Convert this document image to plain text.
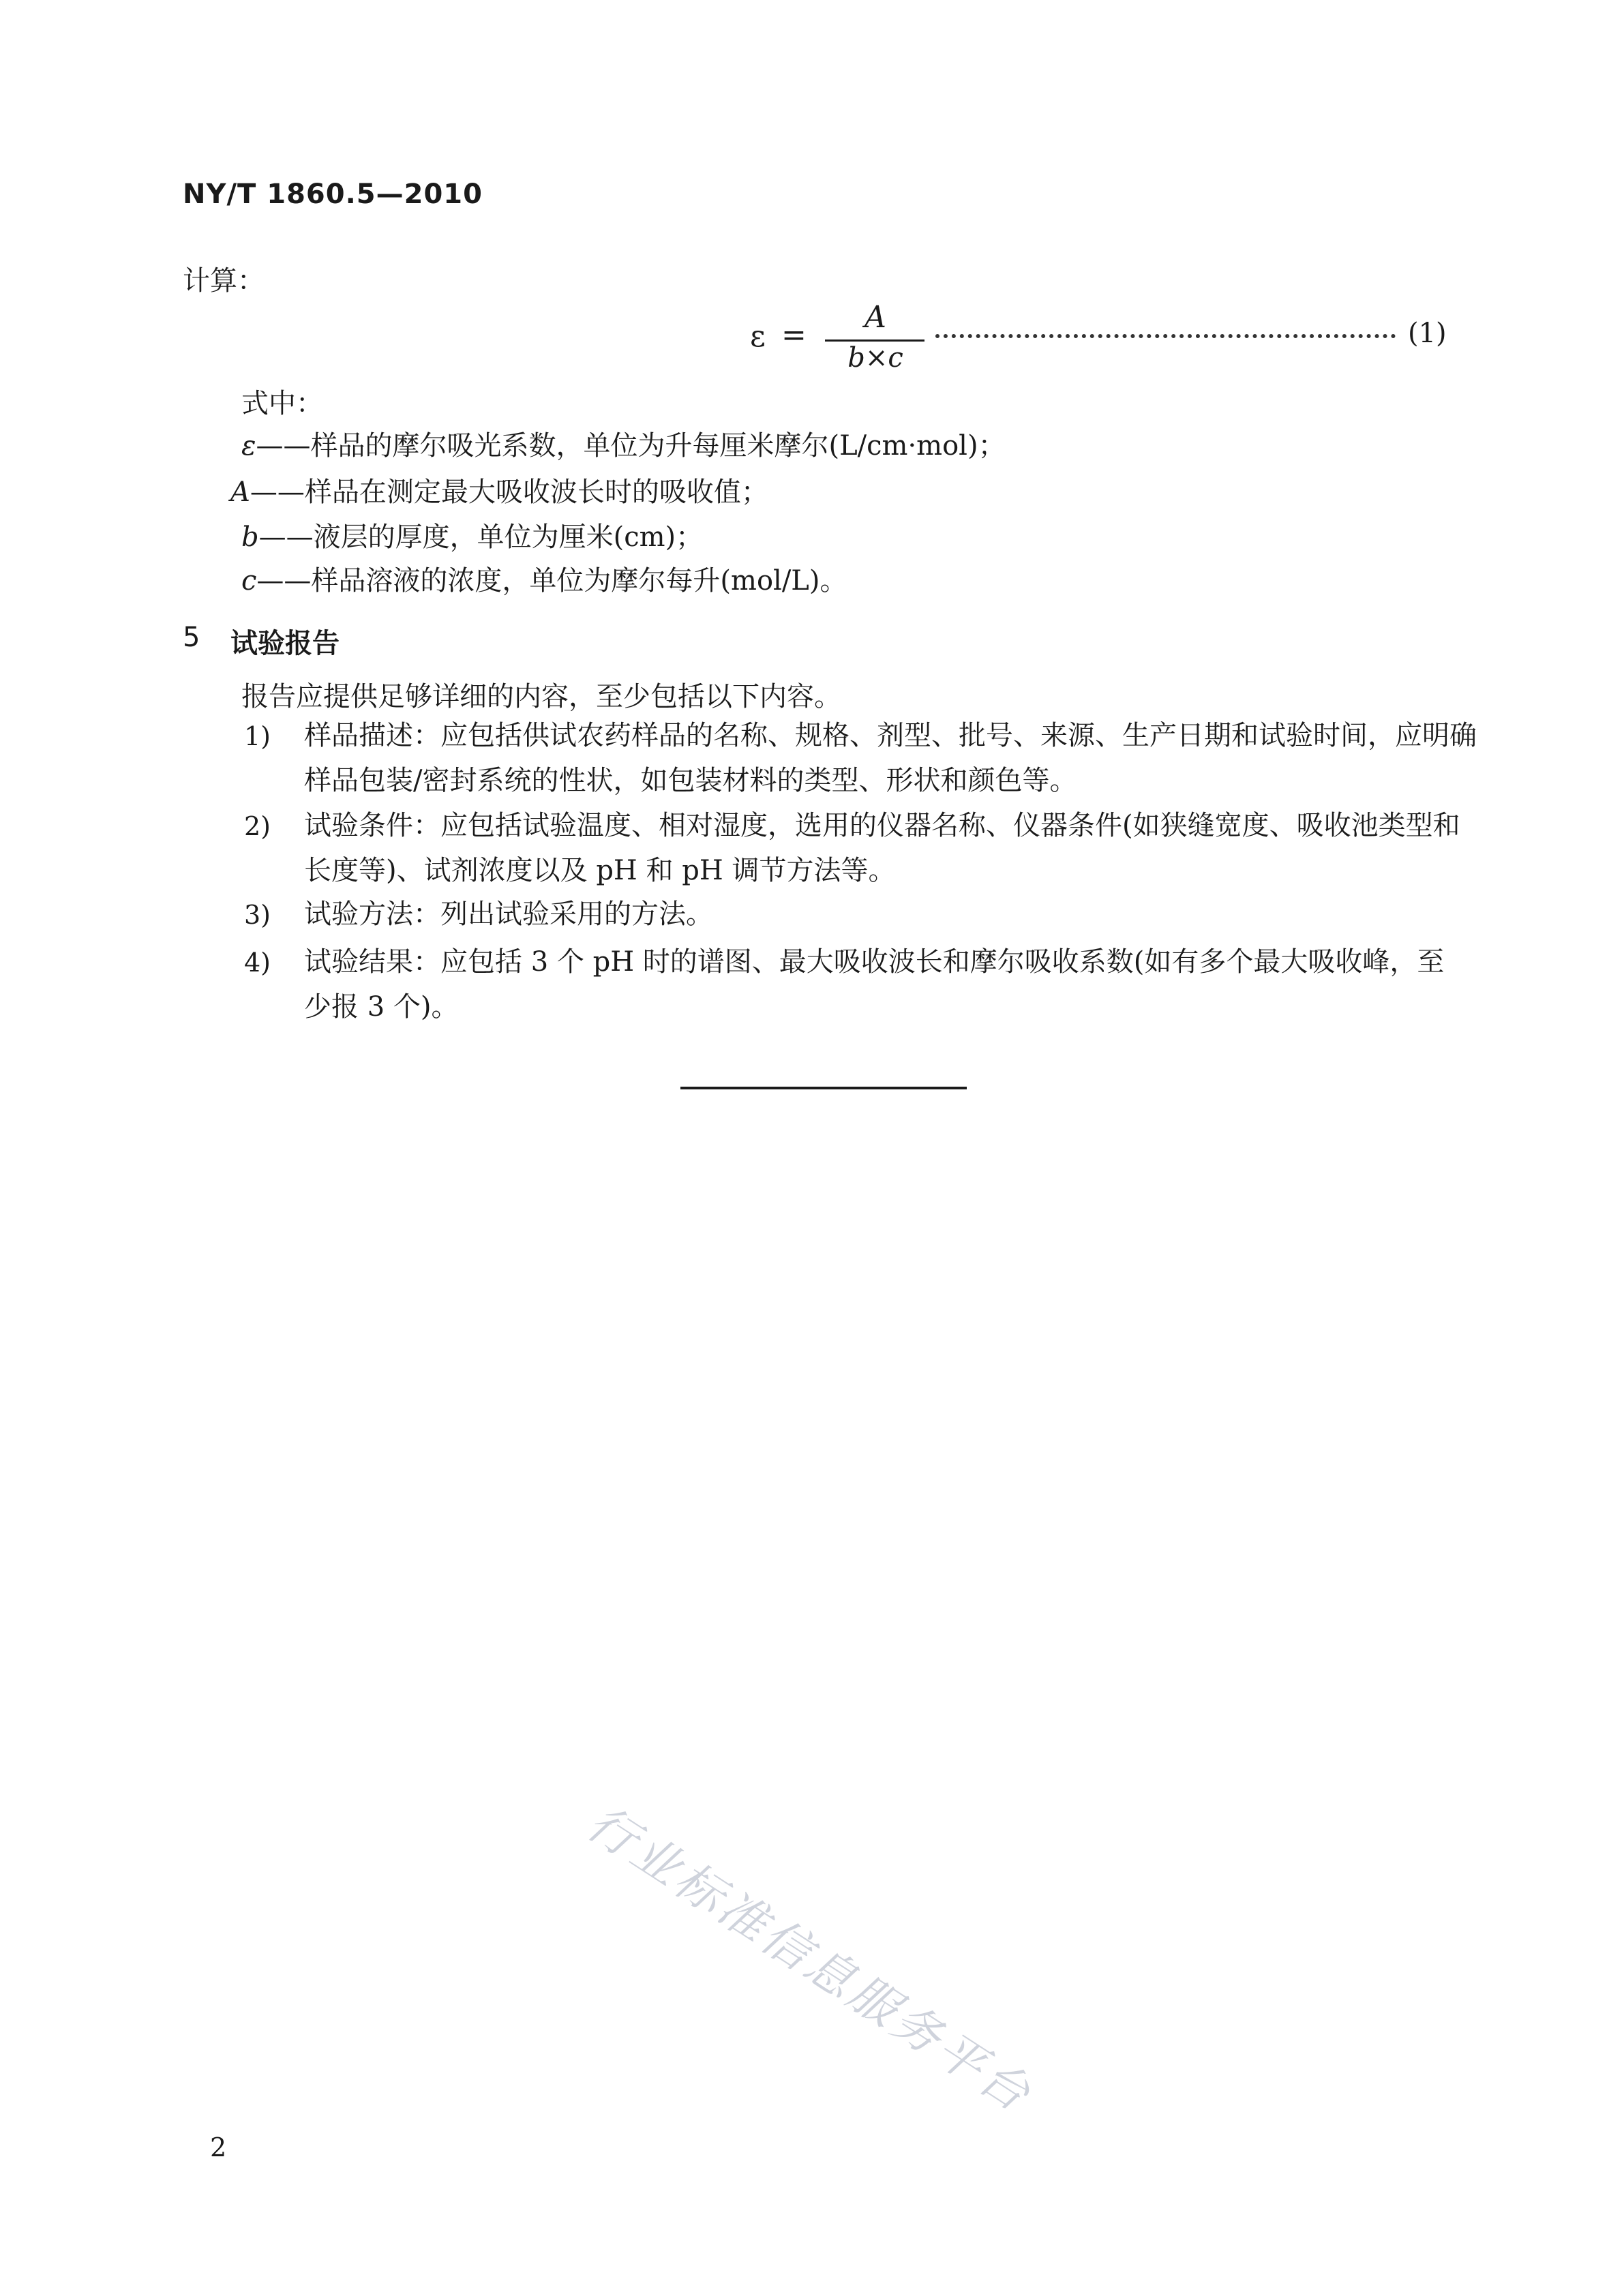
NY/T 1860.5—2010
计算：
ε =
A
b×c
(1)
式中：
ε——样品的摩尔吸光系数，单位为升每厘米摩尔(L/cm·mol)；
A——样品在测定最大吸收波长时的吸收值；
b——液层的厚度，单位为厘米(cm)；
c——样品溶液的浓度，单位为摩尔每升(mol/L)。
5 试验报告
报告应提供足够详细的内容，至少包括以下内容。
1) 样品描述：应包括供试农药样品的名称、规格、剂型、批号、来源、生产日期和试验时间，应明确
样品包装/密封系统的性状，如包装材料的类型、形状和颜色等。
2) 试验条件：应包括试验温度、相对湿度，选用的仪器名称、仪器条件(如狭缝宽度、吸收池类型和
长度等)、试剂浓度以及 pH 和 pH 调节方法等。
3) 试验方法：列出试验采用的方法。
4) 试验结果：应包括 3 个 pH 时的谱图、最大吸收波长和摩尔吸收系数(如有多个最大吸收峰，至
少报 3 个)。
行业标准信息服务平台
2
